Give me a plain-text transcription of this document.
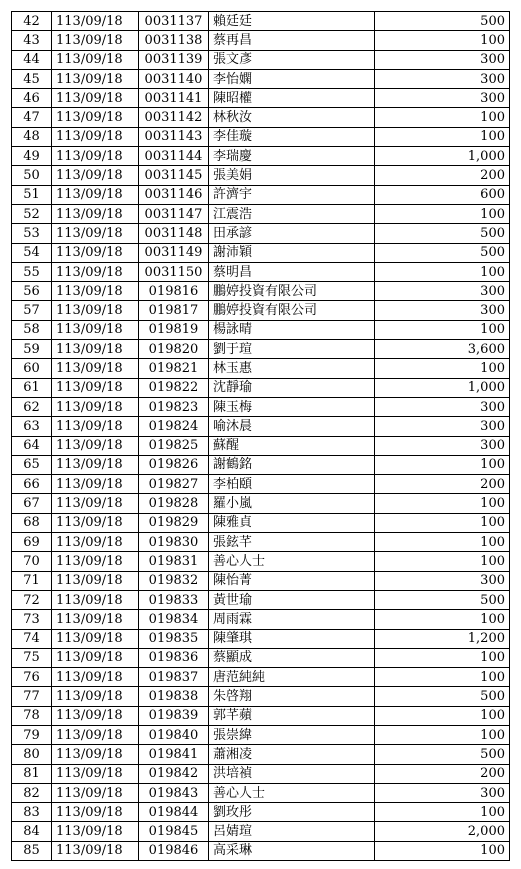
42	113/09/18	0031137	賴廷廷	500
43	113/09/18	0031138	蔡再昌	100
44	113/09/18	0031139	張文彥	300
45	113/09/18	0031140	李怡嫻	300
46	113/09/18	0031141	陳昭權	300
47	113/09/18	0031142	林秋汝	100
48	113/09/18	0031143	李佳璇	100
49	113/09/18	0031144	李瑞慶	1,000
50	113/09/18	0031145	張美娟	200
51	113/09/18	0031146	許濟宇	600
52	113/09/18	0031147	江震浩	100
53	113/09/18	0031148	田承諺	500
54	113/09/18	0031149	謝沛穎	500
55	113/09/18	0031150	蔡明昌	100
56	113/09/18	019816	鵬婷投資有限公司	300
57	113/09/18	019817	鵬婷投資有限公司	300
58	113/09/18	019819	楊詠晴	100
59	113/09/18	019820	劉于瑄	3,600
60	113/09/18	019821	林玉惠	100
61	113/09/18	019822	沈靜瑜	1,000
62	113/09/18	019823	陳玉梅	300
63	113/09/18	019824	喻沐晨	300
64	113/09/18	019825	蘇醒	300
65	113/09/18	019826	謝鶴銘	100
66	113/09/18	019827	李柏頤	200
67	113/09/18	019828	羅小嵐	100
68	113/09/18	019829	陳雅貞	100
69	113/09/18	019830	張鉉芊	100
70	113/09/18	019831	善心人士	100
71	113/09/18	019832	陳怡菁	300
72	113/09/18	019833	黃世瑜	500
73	113/09/18	019834	周雨霖	100
74	113/09/18	019835	陳肇琪	1,200
75	113/09/18	019836	蔡顯成	100
76	113/09/18	019837	唐范純純	100
77	113/09/18	019838	朱啓翔	500
78	113/09/18	019839	郭芊蘋	100
79	113/09/18	019840	張崇緯	100
80	113/09/18	019841	蕭湘凌	500
81	113/09/18	019842	洪培禎	200
82	113/09/18	019843	善心人士	300
83	113/09/18	019844	劉玫彤	100
84	113/09/18	019845	呂婧瑄	2,000
85	113/09/18	019846	高采琳	100
